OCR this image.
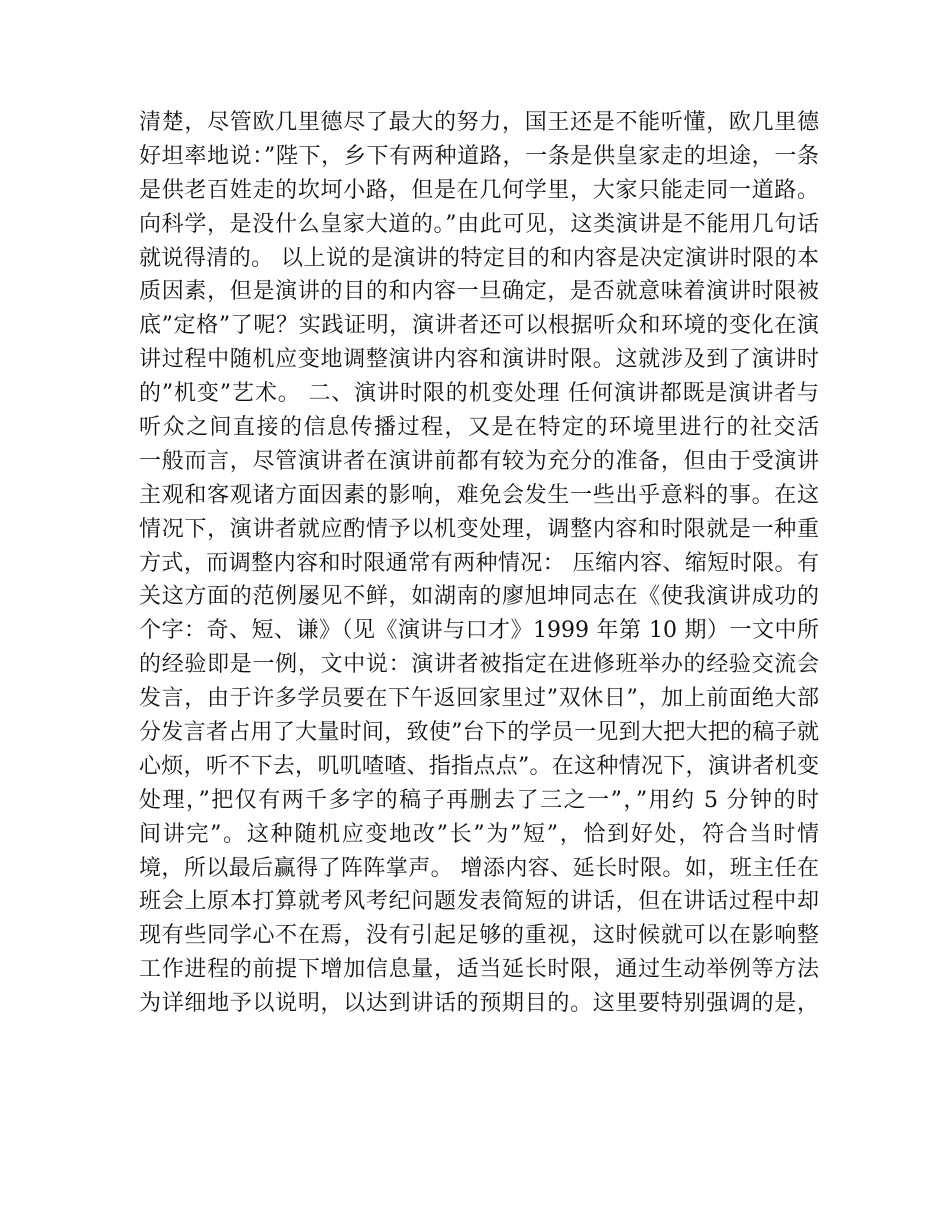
清楚，尽管欧几里德尽了最大的努力，国王还是不能听懂，欧几里德
好坦率地说：”陛下，乡下有两种道路，一条是供皇家走的坦途，一条
是供老百姓走的坎坷小路，但是在几何学里，大家只能走同一道路。
向科学，是没什么皇家大道的。”由此可见，这类演讲是不能用几句话
就说得清的。 以上说的是演讲的特定目的和内容是决定演讲时限的本
质因素，但是演讲的目的和内容一旦确定，是否就意味着演讲时限被
底”定格”了呢？实践证明，演讲者还可以根据听众和环境的变化在演
讲过程中随机应变地调整演讲内容和演讲时限。这就涉及到了演讲时
的”机变”艺术。 二、演讲时限的机变处理 任何演讲都既是演讲者与
听众之间直接的信息传播过程，又是在特定的环境里进行的社交活
一般而言，尽管演讲者在演讲前都有较为充分的准备，但由于受演讲
主观和客观诸方面因素的影响，难免会发生一些出乎意料的事。在这
情况下，演讲者就应酌情予以机变处理，调整内容和时限就是一种重
方式，而调整内容和时限通常有两种情况： 压缩内容、缩短时限。有
关这方面的范例屡见不鲜，如湖南的廖旭坤同志在《使我演讲成功的
个字：奇、短、谦》（见《演讲与口才》1999 年第 10 期）一文中所
的经验即是一例，文中说：演讲者被指定在进修班举办的经验交流会
发言，由于许多学员要在下午返回家里过”双休日”，加上前面绝大部
分发言者占用了大量时间，致使”台下的学员一见到大把大把的稿子就
心烦，听不下去，叽叽喳喳、指指点点”。在这种情况下，演讲者机变
处理，”把仅有两千多字的稿子再删去了三之一”，”用约 5 分钟的时
间讲完”。这种随机应变地改”长”为”短”，恰到好处，符合当时情
境，所以最后赢得了阵阵掌声。 增添内容、延长时限。如，班主任在
班会上原本打算就考风考纪问题发表简短的讲话，但在讲话过程中却
现有些同学心不在焉，没有引起足够的重视，这时候就可以在影响整
工作进程的前提下增加信息量，适当延长时限，通过生动举例等方法
为详细地予以说明，以达到讲话的预期目的。这里要特别强调的是，
